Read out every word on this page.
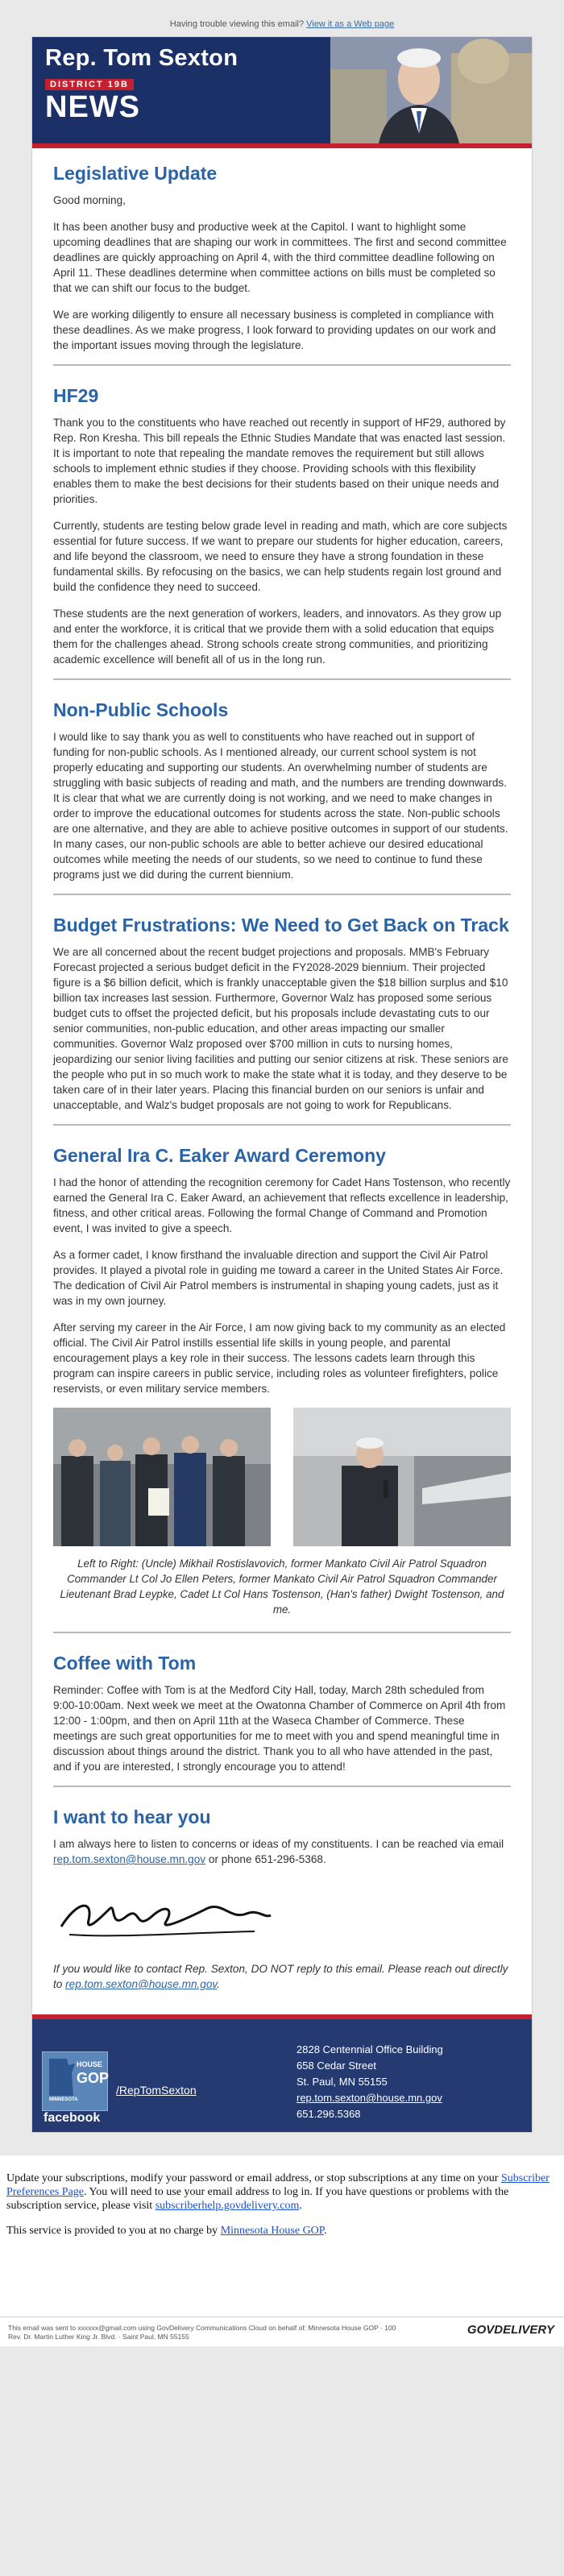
Having trouble viewing this email? View it as a Web page
Rep. Tom Sexton
DISTRICT 19B
NEWS
Legislative Update

Good morning,

It has been another busy and productive week at the Capitol. I want to highlight some upcoming deadlines that are shaping our work in committees. The first and second committee deadlines are quickly approaching on April 4, with the third committee deadline following on April 11. These deadlines determine when committee actions on bills must be completed so that we can shift our focus to the budget.

We are working diligently to ensure all necessary business is completed in compliance with these deadlines. As we make progress, I look forward to providing updates on our work and the important issues moving through the legislature.

HF29

Thank you to the constituents who have reached out recently in support of HF29, authored by Rep. Ron Kresha. This bill repeals the Ethnic Studies Mandate that was enacted last session. It is important to note that repealing the mandate removes the requirement but still allows schools to implement ethnic studies if they choose. Providing schools with this flexibility enables them to make the best decisions for their students based on their unique needs and priorities.

Currently, students are testing below grade level in reading and math, which are core subjects essential for future success. If we want to prepare our students for higher education, careers, and life beyond the classroom, we need to ensure they have a strong foundation in these fundamental skills. By refocusing on the basics, we can help students regain lost ground and build the confidence they need to succeed.

These students are the next generation of workers, leaders, and innovators. As they grow up and enter the workforce, it is critical that we provide them with a solid education that equips them for the challenges ahead. Strong schools create strong communities, and prioritizing academic excellence will benefit all of us in the long run.

Non-Public Schools

I would like to say thank you as well to constituents who have reached out in support of funding for non-public schools. As I mentioned already, our current school system is not properly educating and supporting our students. An overwhelming number of students are struggling with basic subjects of reading and math, and the numbers are trending downwards. It is clear that what we are currently doing is not working, and we need to make changes in order to improve the educational outcomes for students across the state. Non-public schools are one alternative, and they are able to achieve positive outcomes in support of our students. In many cases, our non-public schools are able to better achieve our desired educational outcomes while meeting the needs of our students, so we need to continue to fund these programs just we did during the current biennium.

Budget Frustrations: We Need to Get Back on Track

We are all concerned about the recent budget projections and proposals. MMB's February Forecast projected a serious budget deficit in the FY2028-2029 biennium. Their projected figure is a $6 billion deficit, which is frankly unacceptable given the $18 billion surplus and $10 billion tax increases last session. Furthermore, Governor Walz has proposed some serious budget cuts to offset the projected deficit, but his proposals include devastating cuts to our senior communities, non-public education, and other areas impacting our smaller communities. Governor Walz proposed over $700 million in cuts to nursing homes, jeopardizing our senior living facilities and putting our senior citizens at risk. These seniors are the people who put in so much work to make the state what it is today, and they deserve to be taken care of in their later years. Placing this financial burden on our seniors is unfair and unacceptable, and Walz's budget proposals are not going to work for Republicans.

General Ira C. Eaker Award Ceremony

I had the honor of attending the recognition ceremony for Cadet Hans Tostenson, who recently earned the General Ira C. Eaker Award, an achievement that reflects excellence in leadership, fitness, and other critical areas. Following the formal Change of Command and Promotion event, I was invited to give a speech.

As a former cadet, I know firsthand the invaluable direction and support the Civil Air Patrol provides. It played a pivotal role in guiding me toward a career in the United States Air Force. The dedication of Civil Air Patrol members is instrumental in shaping young cadets, just as it was in my own journey.

After serving my career in the Air Force, I am now giving back to my community as an elected official. The Civil Air Patrol instills essential life skills in young people, and parental encouragement plays a key role in their success. The lessons cadets learn through this program can inspire careers in public service, including roles as volunteer firefighters, police reservists, or even military service members.

Left to Right: (Uncle) Mikhail Rostislavovich, former Mankato Civil Air Patrol Squadron Commander Lt Col Jo Ellen Peters, former Mankato Civil Air Patrol Squadron Commander Lieutenant Brad Leypke, Cadet Lt Col Hans Tostenson, (Han's father) Dwight Tostenson, and me.
Coffee with Tom

Reminder: Coffee with Tom is at the Medford City Hall, today, March 28th scheduled from 9:00-10:00am. Next week we meet at the Owatonna Chamber of Commerce on April 4th from 12:00 - 1:00pm, and then on April 11th at the Waseca Chamber of Commerce. These meetings are such great opportunities for me to meet with you and spend meaningful time in discussion about things around the district. Thank you to all who have attended in the past, and if you are interested, I strongly encourage you to attend!

I want to hear you

I am always here to listen to concerns or ideas of my constituents. I can be reached via email rep.tom.sexton@house.mn.gov or phone 651-296-5368.

If you would like to contact Rep. Sexton, DO NOT reply to this email. Please reach out directly to rep.tom.sexton@house.mn.gov.

HOUSE
GOP
MINNESOTA
facebook
/RepTomSexton
2828 Centennial Office Building
658 Cedar Street
St. Paul, MN 55155
rep.tom.sexton@house.mn.gov
651.296.5368

Update your subscriptions, modify your password or email address, or stop subscriptions at any time on your Subscriber Preferences Page. You will need to use your email address to log in. If you have questions or problems with the subscription service, please visit subscriberhelp.govdelivery.com.

This service is provided to you at no charge by Minnesota House GOP.

This email was sent to xxxxxx@gmail.com using GovDelivery Communications Cloud on behalf of: Minnesota House GOP · 100
Rev. Dr. Martin Luther King Jr. Blvd. · Saint Paul, MN 55155	GOVDELIVERY
